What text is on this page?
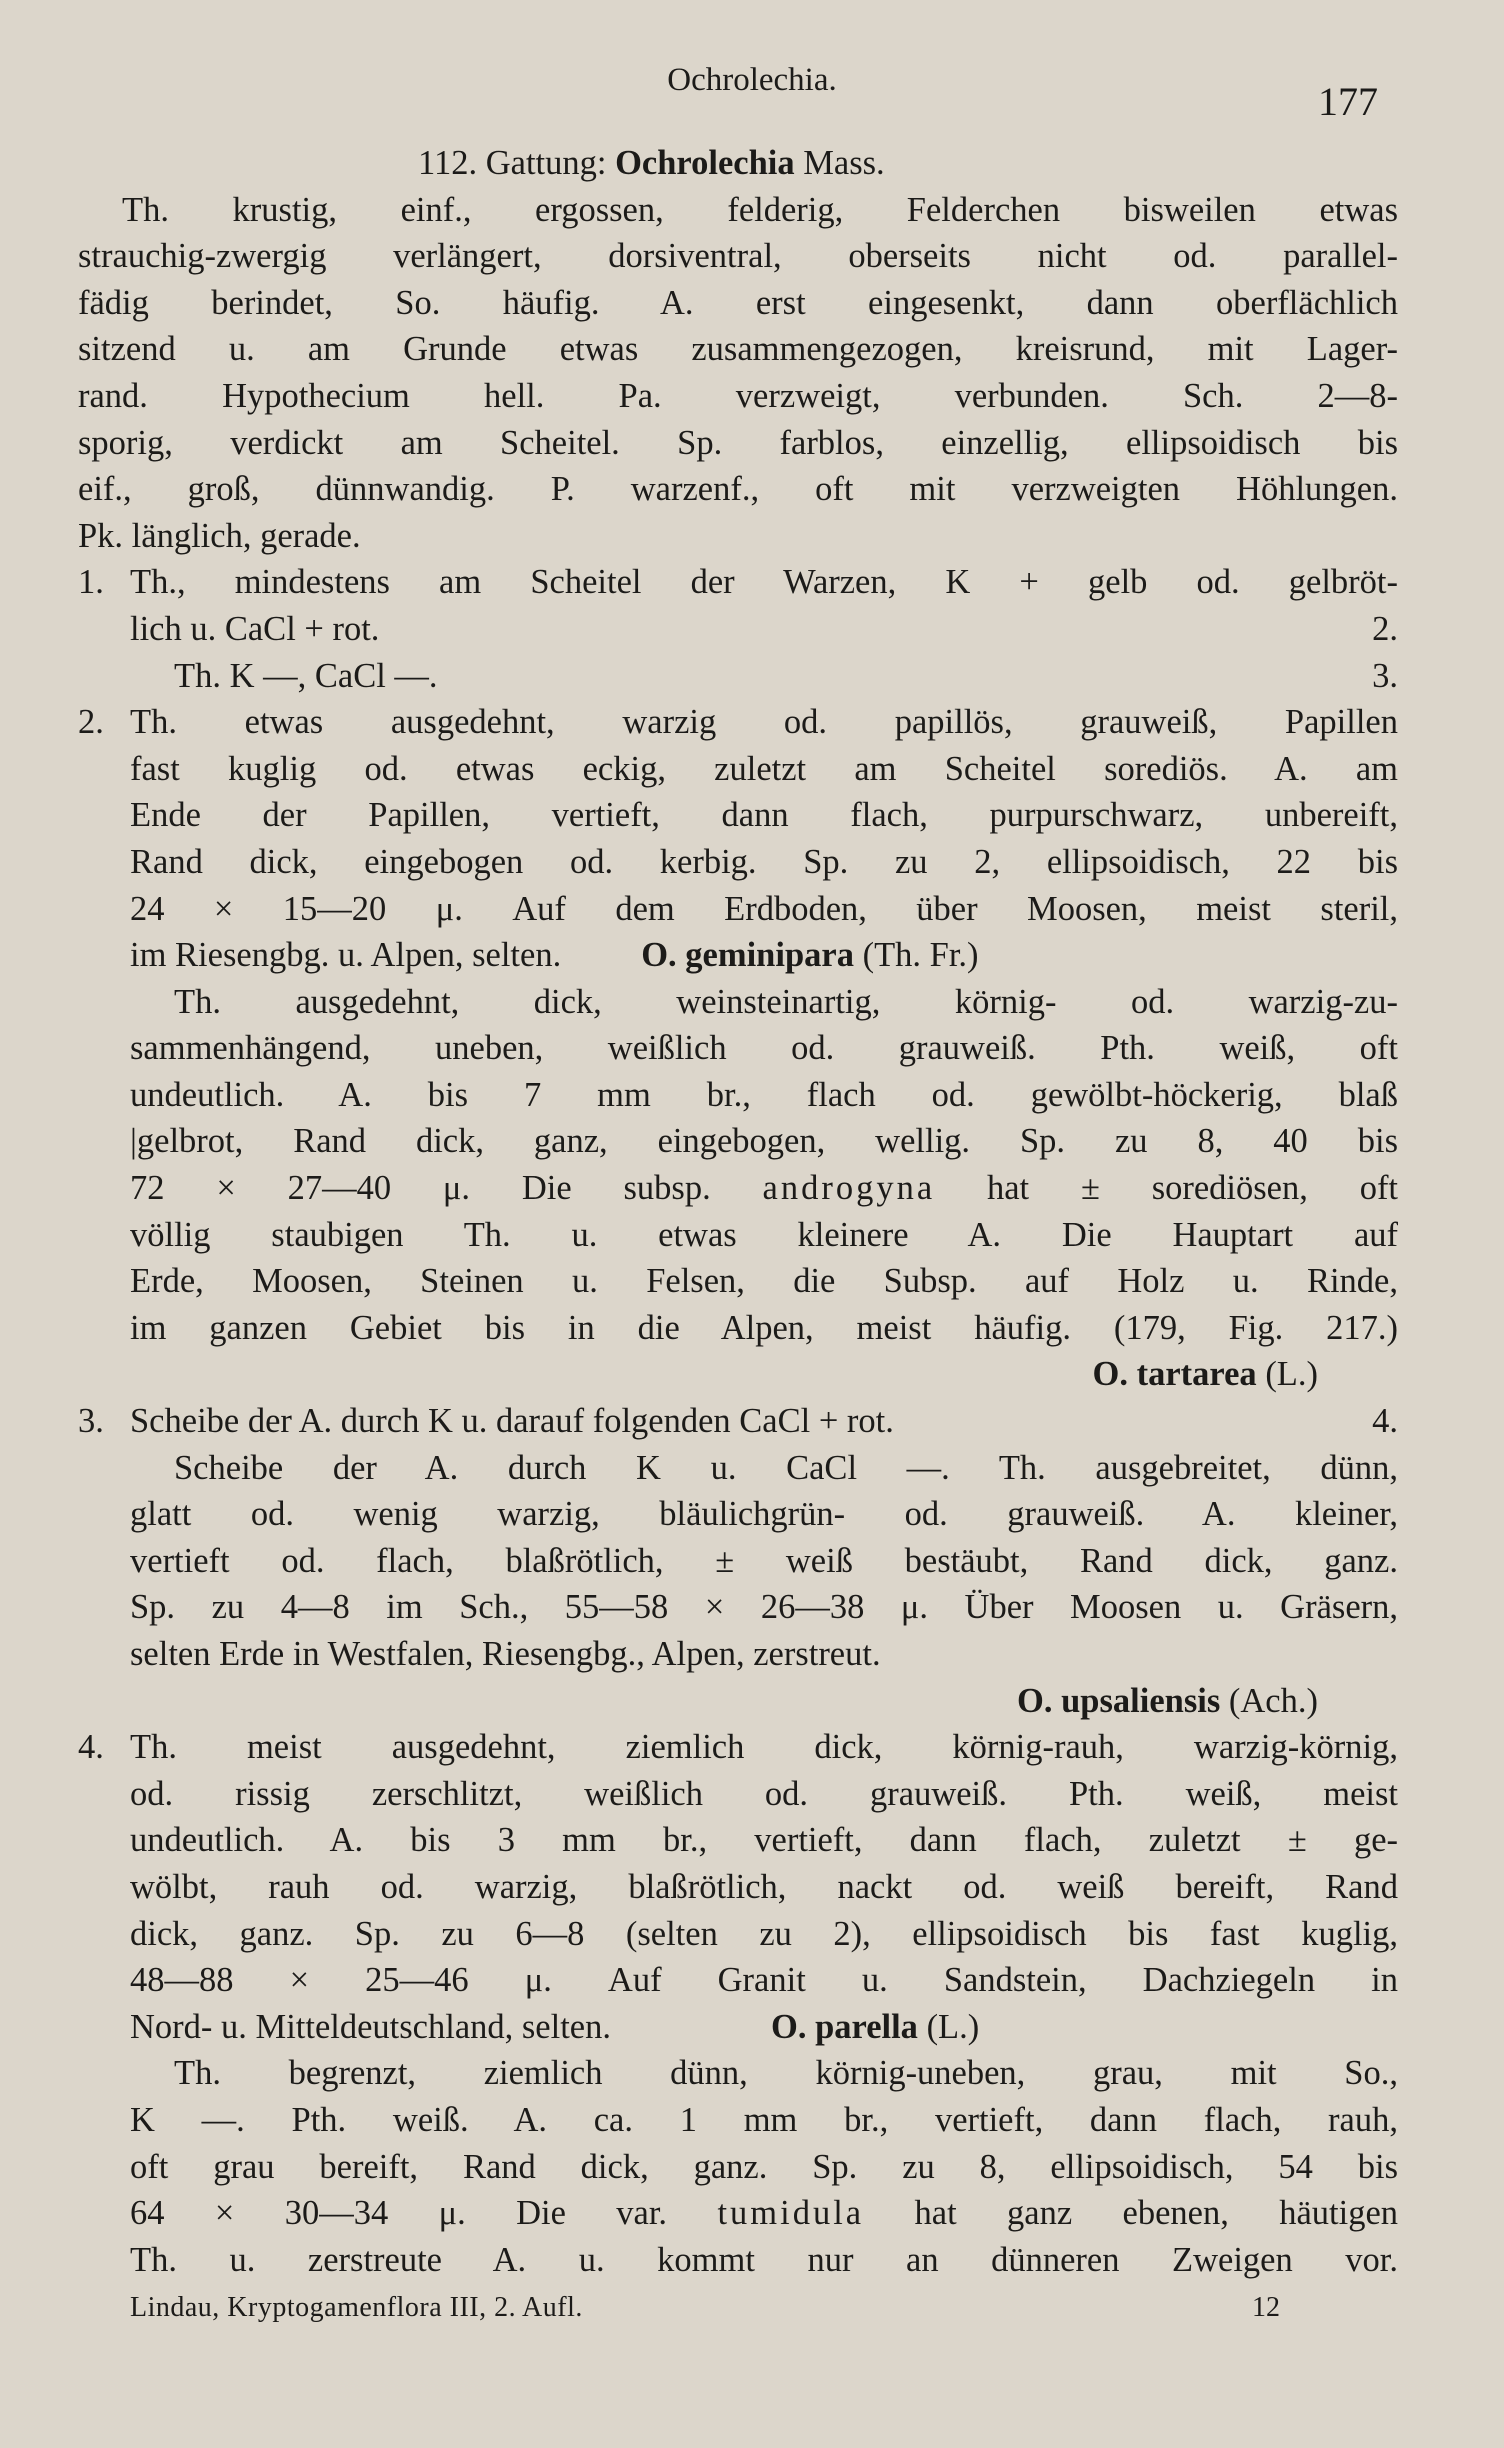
Ochrolechia.	177
112. Gattung: Ochrolechia Mass.
Th. krustig, einf., ergossen, felderig, Felderchen bisweilen etwas
strauchig-zwergig verlängert, dorsiventral, oberseits nicht od. parallel-
fädig berindet, So. häufig. A. erst eingesenkt, dann oberflächlich
sitzend u. am Grunde etwas zusammengezogen, kreisrund, mit Lager-
rand. Hypothecium hell. Pa. verzweigt, verbunden. Sch. 2—8-
sporig, verdickt am Scheitel. Sp. farblos, einzellig, ellipsoidisch bis
eif., groß, dünnwandig. P. warzenf., oft mit verzweigten Höhlungen.
Pk. länglich, gerade.
1. Th., mindestens am Scheitel der Warzen, K + gelb od. gelbröt-
lich u. CaCl + rot.	2.
Th. K —, CaCl —.	3.
2. Th. etwas ausgedehnt, warzig od. papillös, grauweiß, Papillen
fast kuglig od. etwas eckig, zuletzt am Scheitel sorediös. A. am
Ende der Papillen, vertieft, dann flach, purpurschwarz, unbereift,
Rand dick, eingebogen od. kerbig. Sp. zu 2, ellipsoidisch, 22 bis
24 × 15—20 μ. Auf dem Erdboden, über Moosen, meist steril,
im Riesengbg. u. Alpen, selten. O. geminipara (Th. Fr.)
Th. ausgedehnt, dick, weinsteinartig, körnig- od. warzig-zu-
sammenhängend, uneben, weißlich od. grauweiß. Pth. weiß, oft
undeutlich. A. bis 7 mm br., flach od. gewölbt-höckerig, blaß
|gelbrot, Rand dick, ganz, eingebogen, wellig. Sp. zu 8, 40 bis
72 × 27—40 μ. Die subsp. androgyna hat ± sorediösen, oft
völlig staubigen Th. u. etwas kleinere A. Die Hauptart auf
Erde, Moosen, Steinen u. Felsen, die Subsp. auf Holz u. Rinde,
im ganzen Gebiet bis in die Alpen, meist häufig. (179, Fig. 217.)
O. tartarea (L.)
3. Scheibe der A. durch K u. darauf folgenden CaCl + rot.	4.
Scheibe der A. durch K u. CaCl —. Th. ausgebreitet, dünn,
glatt od. wenig warzig, bläulichgrün- od. grauweiß. A. kleiner,
vertieft od. flach, blaßrötlich, ± weiß bestäubt, Rand dick, ganz.
Sp. zu 4—8 im Sch., 55—58 × 26—38 μ. Über Moosen u. Gräsern,
selten Erde in Westfalen, Riesengbg., Alpen, zerstreut.
O. upsaliensis (Ach.)
4. Th. meist ausgedehnt, ziemlich dick, körnig-rauh, warzig-körnig,
od. rissig zerschlitzt, weißlich od. grauweiß. Pth. weiß, meist
undeutlich. A. bis 3 mm br., vertieft, dann flach, zuletzt ± ge-
wölbt, rauh od. warzig, blaßrötlich, nackt od. weiß bereift, Rand
dick, ganz. Sp. zu 6—8 (selten zu 2), ellipsoidisch bis fast kuglig,
48—88 × 25—46 μ. Auf Granit u. Sandstein, Dachziegeln in
Nord- u. Mitteldeutschland, selten.	O. parella (L.)
Th. begrenzt, ziemlich dünn, körnig-uneben, grau, mit So.,
K —. Pth. weiß. A. ca. 1 mm br., vertieft, dann flach, rauh,
oft grau bereift, Rand dick, ganz. Sp. zu 8, ellipsoidisch, 54 bis
64 × 30—34 μ. Die var. tumidula hat ganz ebenen, häutigen
Th. u. zerstreute A. u. kommt nur an dünneren Zweigen vor.
Lindau, Kryptogamenflora III, 2. Aufl.	12
